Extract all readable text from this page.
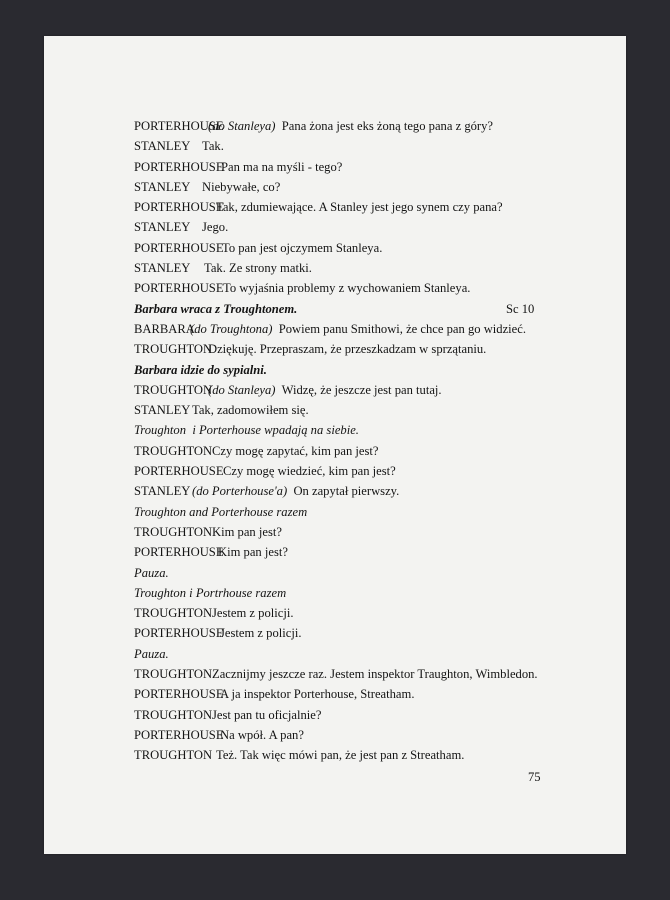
PORTERHOUSE(do Stanleya) Pana żona jest eks żoną tego pana z góry?
STANLEY Tak.
PORTERHOUSEPan ma na myśli - tego?
STANLEY Niebywałe, co?
PORTERHOUSETak, zdumiewające. A Stanley jest jego synem czy pana?
STANLEY Jego.
PORTERHOUSETo pan jest ojczymem Stanleya.
STANLEY Tak. Ze strony matki.
PORTERHOUSETo wyjaśnia problemy z wychowaniem Stanleya.
Barbara wraca z Troughtonem.	Sc 10
BARBARA(do Troughtona) Powiem panu Smithowi, że chce pan go widzieć.
TROUGHTONDziękuję. Przepraszam, że przeszkadzam w sprzątaniu.
Barbara idzie do sypialni.
TROUGHTON(do Stanleya) Widzę, że jeszcze jest pan tutaj.
STANLEY Tak, zadomowiłem się.
Troughton  i Porterhouse wpadają na siebie.
TROUGHTONCzy mogę zapytać, kim pan jest?
PORTERHOUSECzy mogę wiedzieć, kim pan jest?
STANLEY (do Porterhouse'a) On zapytał pierwszy.
Troughton and Porterhouse razem
TROUGHTONKim pan jest?
PORTERHOUSEKim pan jest?
Pauza.
Troughton i Portrhouse razem
TROUGHTONJestem z policji.
PORTERHOUSEJestem z policji.
Pauza.
TROUGHTONZacznijmy jeszcze raz. Jestem inspektor Traughton, Wimbledon.
PORTERHOUSEA ja inspektor Porterhouse, Streatham.
TROUGHTONJest pan tu oficjalnie?
PORTERHOUSENa wpół. A pan?
TROUGHTON Też. Tak więc mówi pan, że jest pan z Streatham.
75
